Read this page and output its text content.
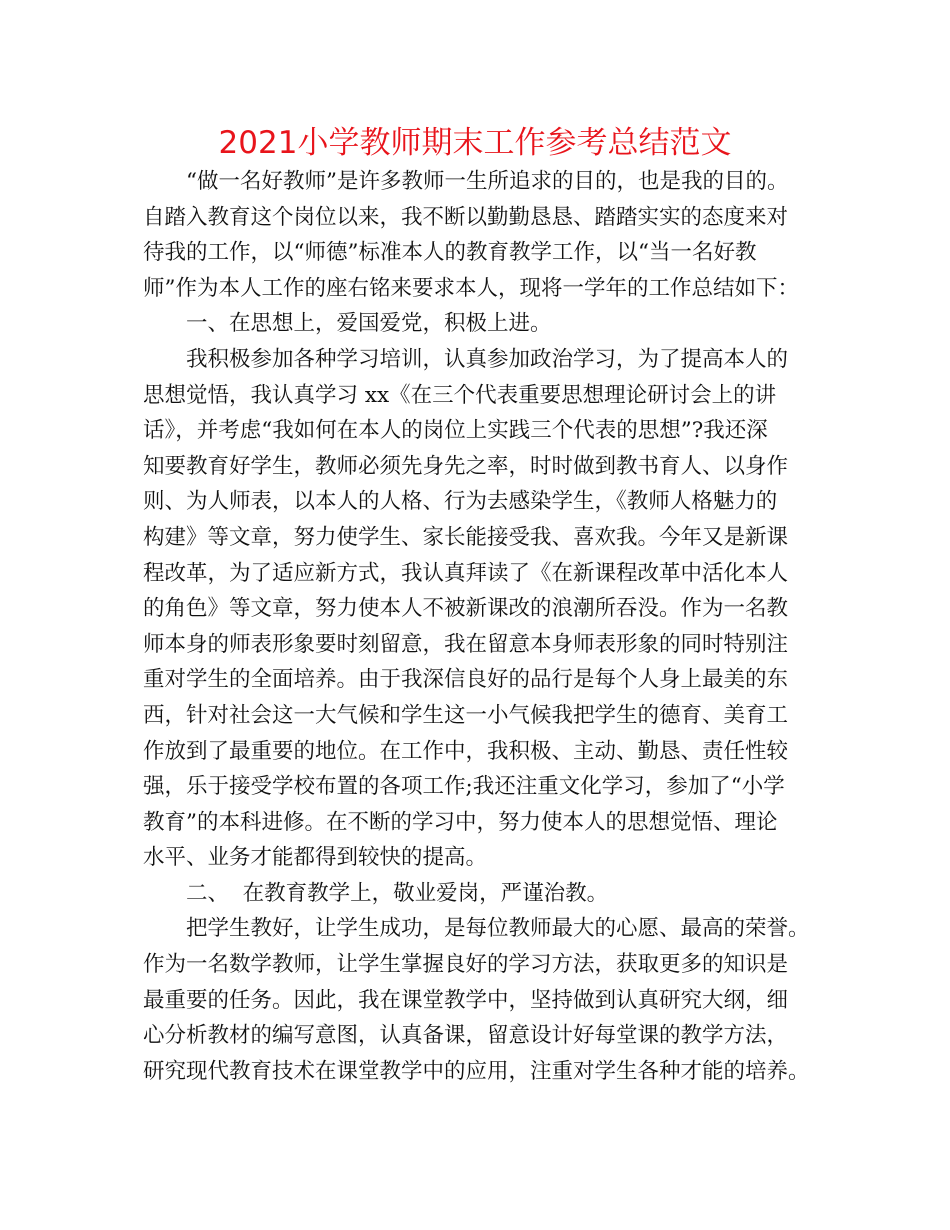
2021小学教师期末工作参考总结范文
“做一名好教师”是许多教师一生所追求的目的，也是我的目的。
自踏入教育这个岗位以来，我不断以勤勤恳恳、踏踏实实的态度来对
待我的工作，以“师德”标准本人的教育教学工作，以“当一名好教
师”作为本人工作的座右铭来要求本人，现将一学年的工作总结如下：
一、在思想上，爱国爱党，积极上进。
我积极参加各种学习培训，认真参加政治学习，为了提高本人的
思想觉悟，我认真学习 xx《在三个代表重要思想理论研讨会上的讲
话》，并考虑“我如何在本人的岗位上实践三个代表的思想”?我还深
知要教育好学生，教师必须先身先之率，时时做到教书育人、以身作
则、为人师表，以本人的人格、行为去感染学生，《教师人格魅力的
构建》等文章，努力使学生、家长能接受我、喜欢我。今年又是新课
程改革，为了适应新方式，我认真拜读了《在新课程改革中活化本人
的角色》等文章，努力使本人不被新课改的浪潮所吞没。作为一名教
师本身的师表形象要时刻留意，我在留意本身师表形象的同时特别注
重对学生的全面培养。由于我深信良好的品行是每个人身上最美的东
西，针对社会这一大气候和学生这一小气候我把学生的德育、美育工
作放到了最重要的地位。在工作中，我积极、主动、勤恳、责任性较
强，乐于接受学校布置的各项工作;我还注重文化学习，参加了“小学
教育”的本科进修。在不断的学习中，努力使本人的思想觉悟、理论
水平、业务才能都得到较快的提高。
二、  在教育教学上，敬业爱岗，严谨治教。
把学生教好，让学生成功，是每位教师最大的心愿、最高的荣誉。
作为一名数学教师，让学生掌握良好的学习方法，获取更多的知识是
最重要的任务。因此，我在课堂教学中，坚持做到认真研究大纲，细
心分析教材的编写意图，认真备课，留意设计好每堂课的教学方法，
研究现代教育技术在课堂教学中的应用，注重对学生各种才能的培养。
